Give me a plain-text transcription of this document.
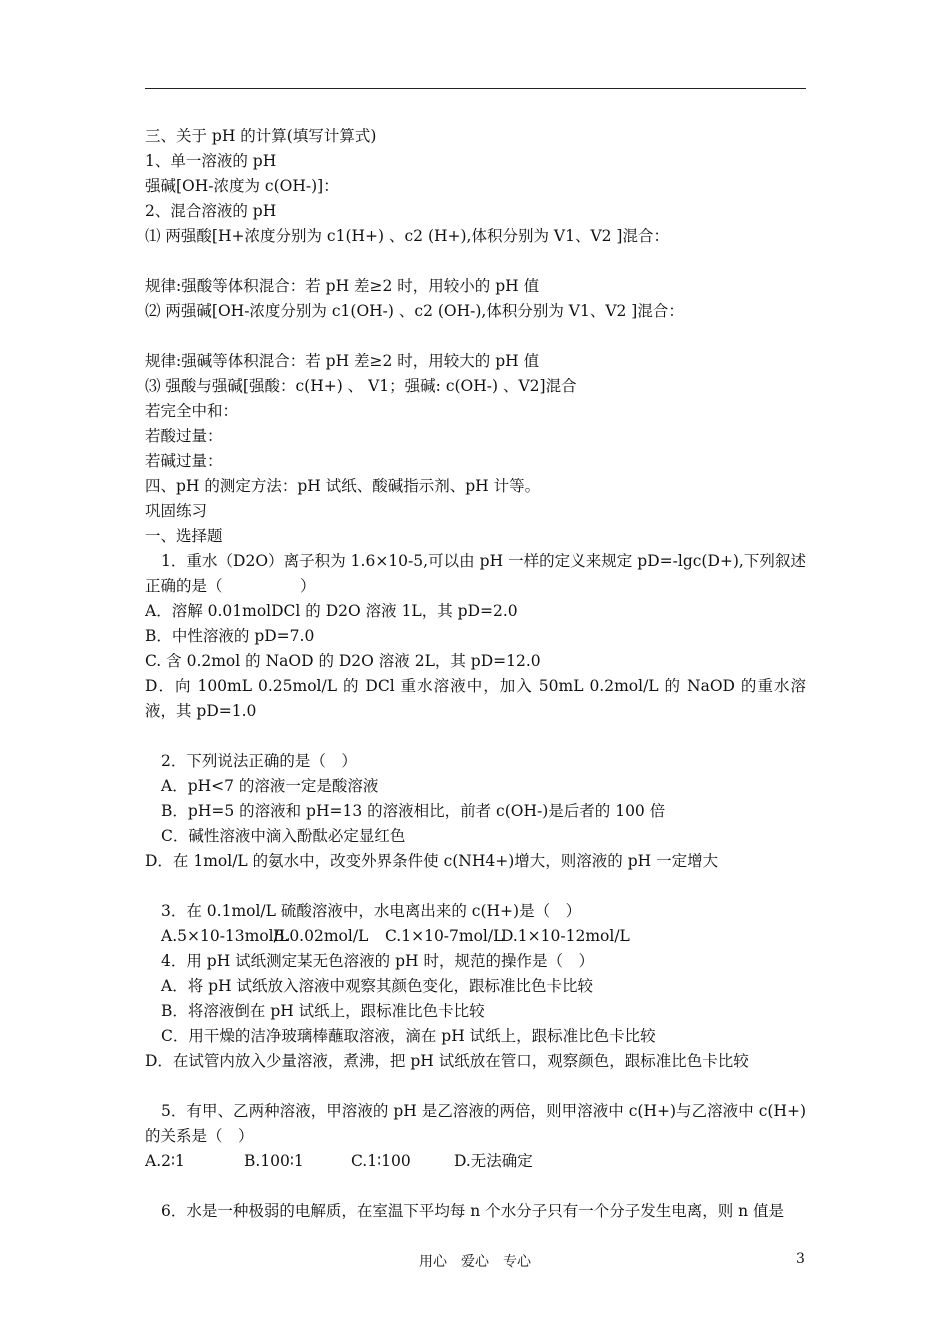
三、关于 pH 的计算(填写计算式)
1、单一溶液的 pH
强碱[OH-浓度为 c(OH-)]：
2、混合溶液的 pH
⑴ 两强酸[H+浓度分别为 c1(H+) 、c2 (H+),体积分别为 V1、V2 ]混合：
规律:强酸等体积混合：若 pH 差≥2 时，用较小的 pH 值
⑵ 两强碱[OH-浓度分别为 c1(OH-) 、c2 (OH-),体积分别为 V1、V2 ]混合：
规律:强碱等体积混合：若 pH 差≥2 时，用较大的 pH 值
⑶ 强酸与强碱[强酸：c(H+) 、 V1；强碱: c(OH-) 、V2]混合
若完全中和：
若酸过量：
若碱过量：
四、pH 的测定方法：pH 试纸、酸碱指示剂、pH 计等。
巩固练习
一、选择题
1．重水（D2O）离子积为 1.6×10-5,可以由 pH 一样的定义来规定 pD=-lgc(D+),下列叙述正确的是（　　　　　）
A．溶解 0.01molDCl 的 D2O 溶液 1L，其 pD=2.0
B．中性溶液的 pD=7.0
C. 含 0.2mol 的 NaOD 的 D2O 溶液 2L，其 pD=12.0
D．向 100mL 0.25mol/L 的 DCl 重水溶液中，加入 50mL 0.2mol/L 的 NaOD 的重水溶液，其 pD=1.0
2．下列说法正确的是（　）
A．pH<7 的溶液一定是酸溶液
B．pH=5 的溶液和 pH=13 的溶液相比，前者 c(OH-)是后者的 100 倍
C．碱性溶液中滴入酚酞必定显红色
D．在 1mol/L 的氨水中，改变外界条件使 c(NH4+)增大，则溶液的 pH 一定增大
3．在 0.1mol/L 硫酸溶液中，水电离出来的 c(H+)是（　）
A.5×10-13mol/L
B.0.02mol/L C.1×10-7mol/L
D.1×10-12mol/L
4．用 pH 试纸测定某无色溶液的 pH 时，规范的操作是（　）
A．将 pH 试纸放入溶液中观察其颜色变化，跟标准比色卡比较
B．将溶液倒在 pH 试纸上，跟标准比色卡比较
C．用干燥的洁净玻璃棒蘸取溶液，滴在 pH 试纸上，跟标准比色卡比较
D．在试管内放入少量溶液，煮沸，把 pH 试纸放在管口，观察颜色，跟标准比色卡比较
5．有甲、乙两种溶液，甲溶液的 pH 是乙溶液的两倍，则甲溶液中 c(H+)与乙溶液中 c(H+)的关系是（　）
A.2∶1	B.100∶1	C.1∶100	D.无法确定
6．水是一种极弱的电解质，在室温下平均每 n 个水分子只有一个分子发生电离，则 n 值是
用心　爱心　专心	3
